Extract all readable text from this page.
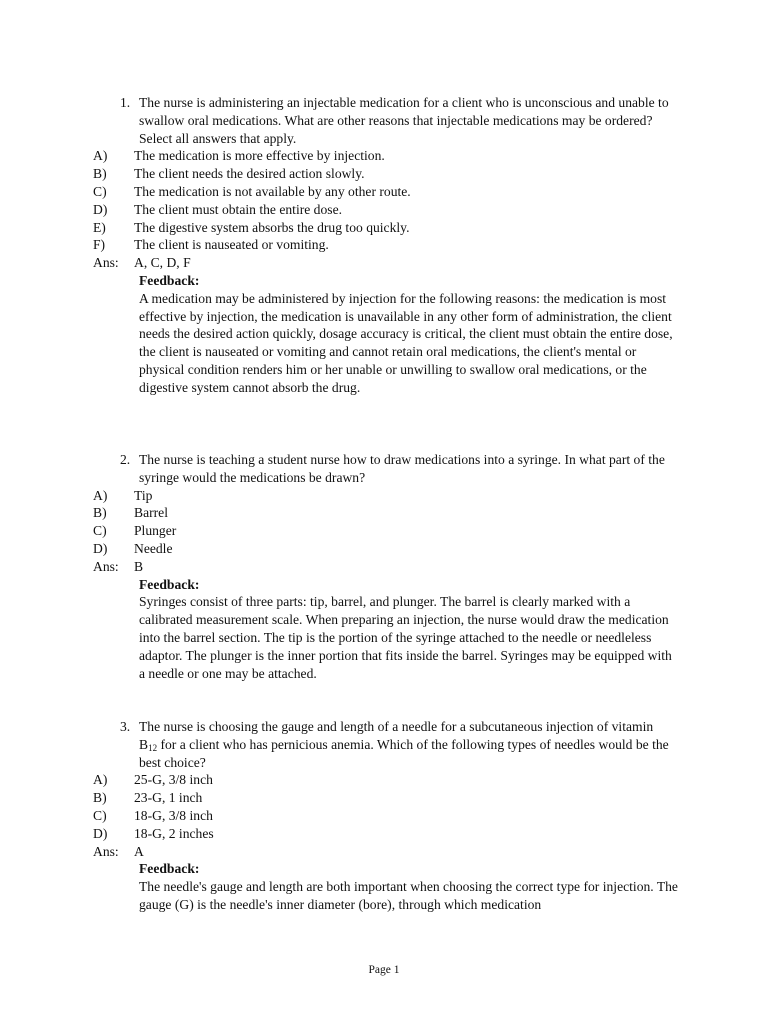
1. The nurse is administering an injectable medication for a client who is unconscious and unable to swallow oral medications. What are other reasons that injectable medications may be ordered? Select all answers that apply.
A) The medication is more effective by injection.
B) The client needs the desired action slowly.
C) The medication is not available by any other route.
D) The client must obtain the entire dose.
E) The digestive system absorbs the drug too quickly.
F) The client is nauseated or vomiting.
Ans: A, C, D, F
Feedback:
A medication may be administered by injection for the following reasons: the medication is most effective by injection, the medication is unavailable in any other form of administration, the client needs the desired action quickly, dosage accuracy is critical, the client must obtain the entire dose, the client is nauseated or vomiting and cannot retain oral medications, the client's mental or physical condition renders him or her unable or unwilling to swallow oral medications, or the digestive system cannot absorb the drug.
2. The nurse is teaching a student nurse how to draw medications into a syringe. In what part of the syringe would the medications be drawn?
A) Tip
B) Barrel
C) Plunger
D) Needle
Ans: B
Feedback:
Syringes consist of three parts: tip, barrel, and plunger. The barrel is clearly marked with a calibrated measurement scale. When preparing an injection, the nurse would draw the medication into the barrel section. The tip is the portion of the syringe attached to the needle or needleless adaptor. The plunger is the inner portion that fits inside the barrel. Syringes may be equipped with a needle or one may be attached.
3. The nurse is choosing the gauge and length of a needle for a subcutaneous injection of vitamin $B_{12}$ for a client who has pernicious anemia. Which of the following types of needles would be the best choice?
A) 25-G, 3/8 inch
B) 23-G, 1 inch
C) 18-G, 3/8 inch
D) 18-G, 2 inches
Ans: A
Feedback:
The needle's gauge and length are both important when choosing the correct type for injection. The gauge (G) is the needle's inner diameter (bore), through which medication
Page 1
